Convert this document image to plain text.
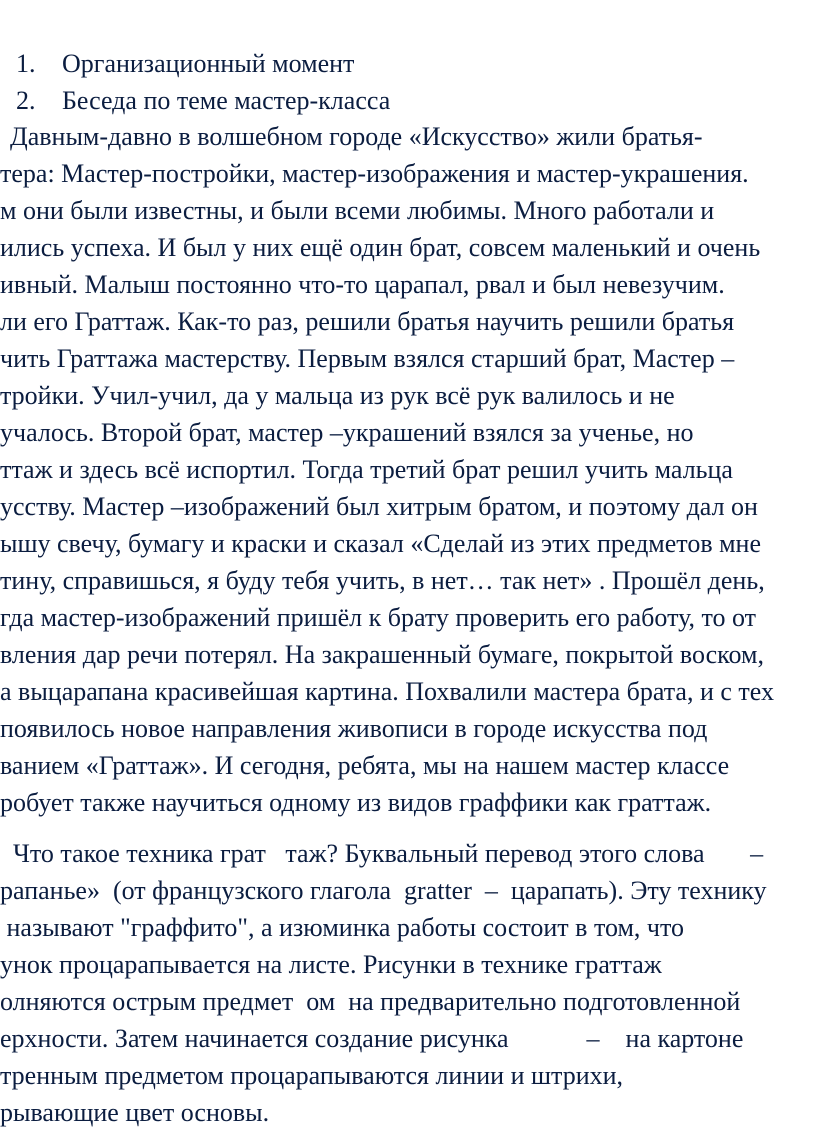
1. Организационный момент
2. Беседа по теме мастер-класса
Давным-давно в волшебном городе «Искусство» жили братья-
тера: Мастер-постройки, мастер-изображения и мастер-украшения.
м они были известны, и были всеми любимы. Много работали и
ились успеха. И был у них ещё один брат, совсем маленький и очень
ивный. Малыш постоянно что-то царапал, рвал и был невезучим.
ли его Граттаж. Как-то раз, решили братья научить решили братья
чить Граттажа мастерству. Первым взялся старший брат, Мастер –
тройки. Учил-учил, да у мальца из рук всё рук валилось и не
учалось. Второй брат, мастер –украшений взялся за ученье, но
ттаж и здесь всё испортил. Тогда третий брат решил учить мальца
усству. Мастер –изображений был хитрым братом, и поэтому дал он
ышу свечу, бумагу и краски и сказал «Сделай из этих предметов мне
тину, справишься, я буду тебя учить, в нет… так нет» . Прошёл день,
гда мастер-изображений пришёл к брату проверить его работу, то от
вления дар речи потерял. На закрашенный бумаге, покрытой воском,
а выцарапана красивейшая картина. Похвалили мастера брата, и с тех
появилось новое направления живописи в городе искусства под
ванием «Граттаж». И сегодня, ребята, мы на нашем мастер классе
робует также научиться одному из видов граффики как граттаж.
Что такое техника грат   таж? Буквальный перевод этого слова       –
рапанье»  (от французского глагола  gratter  –  царапать). Эту технику
называют "граффито", а изюминка работы состоит в том, что
унок процарапывается на листе. Рисунки в технике граттаж
олняются острым предмет  ом  на предварительно подготовленной
ерхности. Затем начинается создание рисунка            –    на картоне
тренным предметом процарапываются линии и штрихи,
рывающие цвет основы.
